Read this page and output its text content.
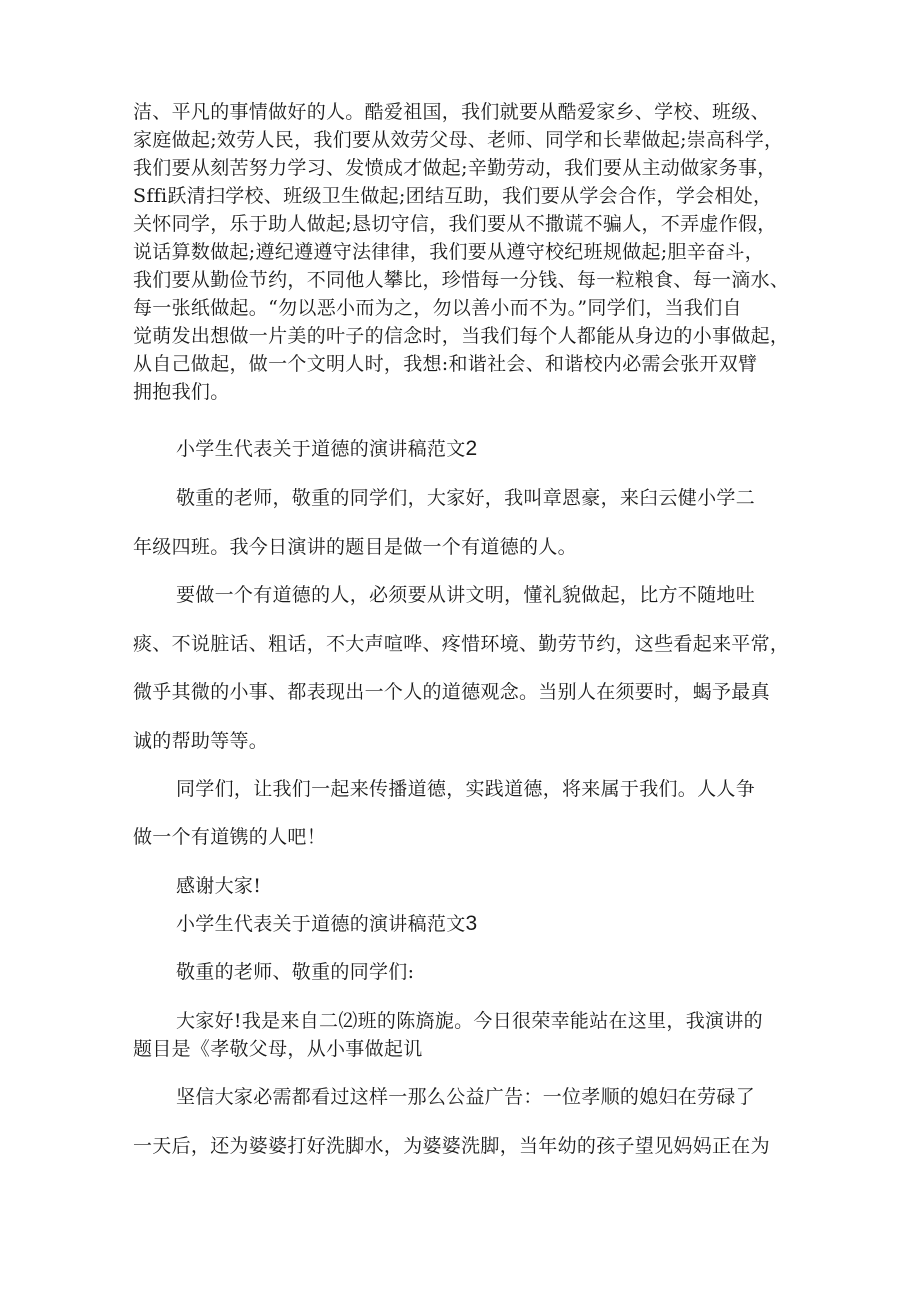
洁、平凡的事情做好的人。酷爱祖国，我们就要从酷爱家乡、学校、班级、
家庭做起;效劳人民，我们要从效劳父母、老师、同学和长辈做起;崇高科学，
我们要从刻苦努力学习、发愤成才做起;辛勤劳动，我们要从主动做家务事，
Sffi跃清扫学校、班级卫生做起;团结互助，我们要从学会合作，学会相处，
关怀同学，乐于助人做起;恳切守信，我们要从不撒谎不骗人，不弄虚作假，
说话算数做起;遵纪遵遵守法律律，我们要从遵守校纪班规做起;胆辛奋斗，
我们要从勤俭节约，不同他人攀比，珍惜每一分钱、每一粒粮食、每一滴水、
每一张纸做起。“勿以恶小而为之，勿以善小而不为。”同学们，当我们自
觉萌发出想做一片美的叶子的信念时，当我们每个人都能从身边的小事做起，
从自己做起，做一个文明人时，我想:和谐社会、和谐校内必需会张开双臂
拥抱我们。
小学生代表关于道德的演讲稿范文2
敬重的老师，敬重的同学们，大家好，我叫章恩豪，来臼云健小学二
年级四班。我今日演讲的题目是做一个有道德的人。
要做一个有道德的人，必须要从讲文明，懂礼貌做起，比方不随地吐
痰、不说脏话、粗话，不大声喧哗、疼惜环境、勤劳节约，这些看起来平常，
微乎其微的小事、都表现出一个人的道德观念。当别人在须要时，蝎予最真
诚的帮助等等。
同学们，让我们一起来传播道德，实践道德，将来属于我们。人人争
做一个有道镌的人吧！
感谢大家!
小学生代表关于道德的演讲稿范文3
敬重的老师、敬重的同学们:
大家好!我是来自二⑵班的陈旖旎。今日很荣幸能站在这里，我演讲的
题目是《孝敬父母，从小事做起讥
坚信大家必需都看过这样一那么公益广告：一位孝顺的媳妇在劳碌了
一天后，还为婆婆打好洗脚水，为婆婆洗脚，当年幼的孩子望见妈妈正在为
